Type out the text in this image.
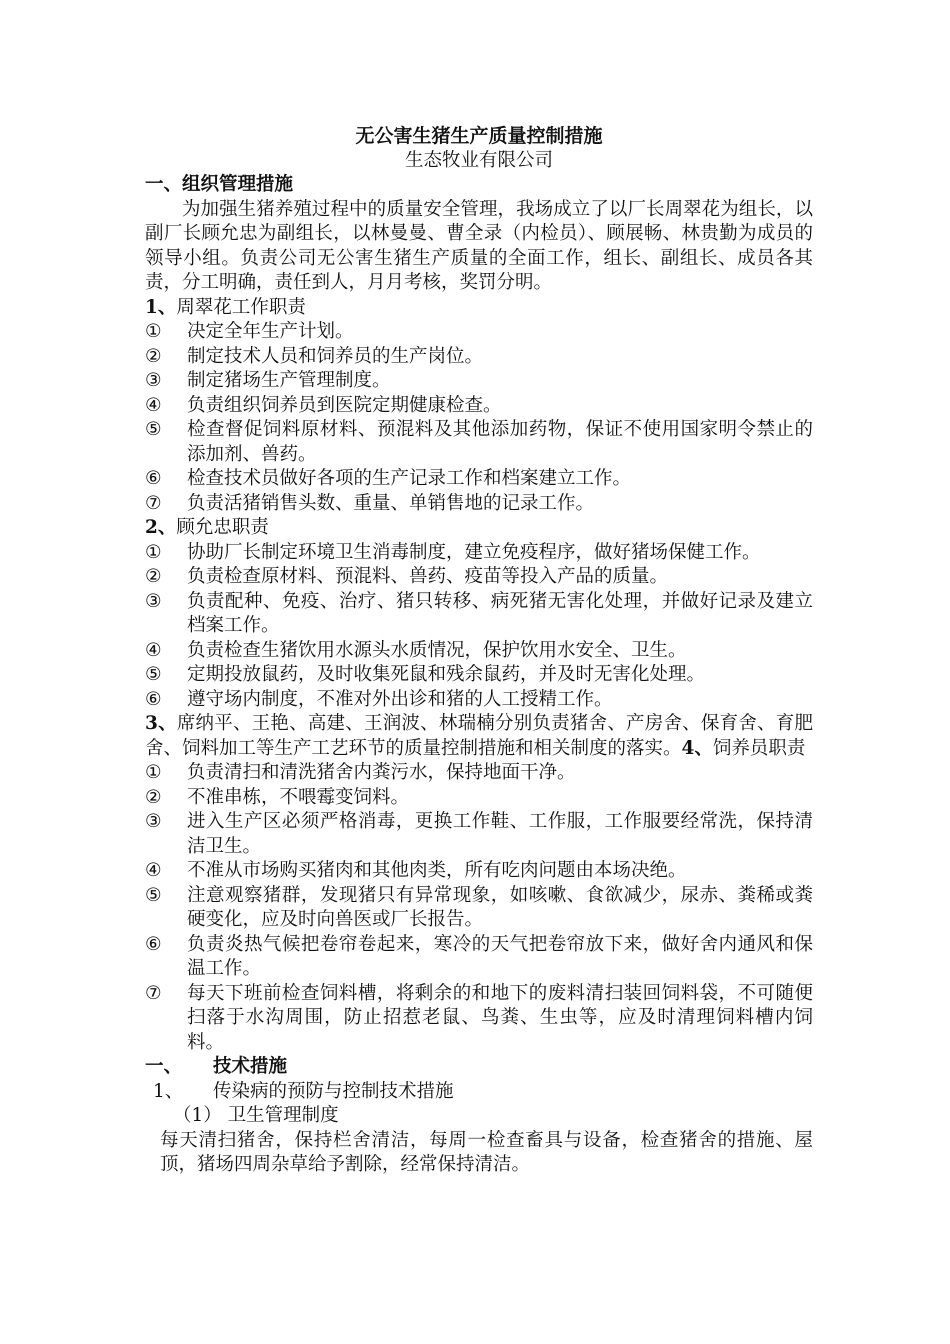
无公害生猪生产质量控制措施
生态牧业有限公司
一、组织管理措施
为加强生猪养殖过程中的质量安全管理，我场成立了以厂长周翠花为组长，以副厂长顾允忠为副组长，以林曼曼、曹全录（内检员）、顾展畅、林贵勤为成员的领导小组。负责公司无公害生猪生产质量的全面工作，组长、副组长、成员各其责，分工明确，责任到人，月月考核，奖罚分明。
1、周翠花工作职责
①	决定全年生产计划。
②	制定技术人员和饲养员的生产岗位。
③	制定猪场生产管理制度。
④	负责组织饲养员到医院定期健康检查。
⑤	检查督促饲料原材料、预混料及其他添加药物，保证不使用国家明令禁止的添加剂、兽药。
⑥	检查技术员做好各项的生产记录工作和档案建立工作。
⑦	负责活猪销售头数、重量、单销售地的记录工作。
2、顾允忠职责
①	协助厂长制定环境卫生消毒制度，建立免疫程序，做好猪场保健工作。
②	负责检查原材料、预混料、兽药、疫苗等投入产品的质量。
③	负责配种、免疫、治疗、猪只转移、病死猪无害化处理，并做好记录及建立档案工作。
④	负责检查生猪饮用水源头水质情况，保护饮用水安全、卫生。
⑤	定期投放鼠药，及时收集死鼠和残余鼠药，并及时无害化处理。
⑥	遵守场内制度，不准对外出诊和猪的人工授精工作。
3、席纳平、王艳、高建、王润波、林瑞楠分别负责猪舍、产房舍、保育舍、育肥舍、饲料加工等生产工艺环节的质量控制措施和相关制度的落实。4、饲养员职责
①	负责清扫和清洗猪舍内粪污水，保持地面干净。
②	不准串栋，不喂霉变饲料。
③	进入生产区必须严格消毒，更换工作鞋、工作服，工作服要经常洗，保持清洁卫生。
④	不准从市场购买猪肉和其他肉类，所有吃肉问题由本场决绝。
⑤	注意观察猪群，发现猪只有异常现象，如咳嗽、食欲减少，尿赤、粪稀或粪硬变化，应及时向兽医或厂长报告。
⑥	负责炎热气候把卷帘卷起来，寒冷的天气把卷帘放下来，做好舍内通风和保温工作。
⑦	每天下班前检查饲料槽，将剩余的和地下的废料清扫装回饲料袋，不可随便扫落于水沟周围，防止招惹老鼠、鸟粪、生虫等，应及时清理饲料槽内饲料。
一、	技术措施
1、	传染病的预防与控制技术措施
（1） 卫生管理制度
每天清扫猪舍，保持栏舍清洁，每周一检查畜具与设备，检查猪舍的措施、屋顶，猪场四周杂草给予割除，经常保持清洁。
